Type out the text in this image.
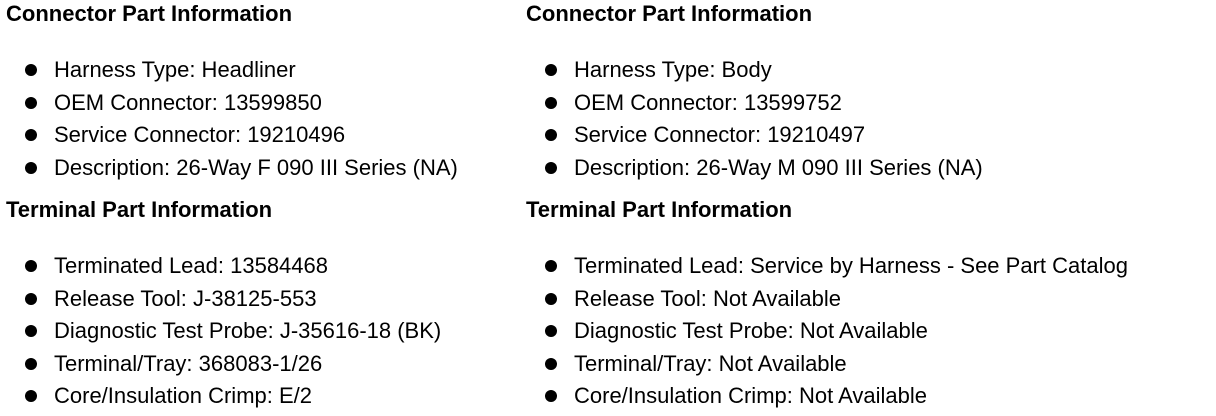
Connector Part Information
Harness Type: Headliner
OEM Connector: 13599850
Service Connector: 19210496
Description: 26-Way F 090 III Series (NA)
Terminal Part Information
Terminated Lead: 13584468
Release Tool: J-38125-553
Diagnostic Test Probe: J-35616-18 (BK)
Terminal/Tray: 368083-1/26
Core/Insulation Crimp: E/2
Connector Part Information
Harness Type: Body
OEM Connector: 13599752
Service Connector: 19210497
Description: 26-Way M 090 III Series (NA)
Terminal Part Information
Terminated Lead: Service by Harness - See Part Catalog
Release Tool: Not Available
Diagnostic Test Probe: Not Available
Terminal/Tray: Not Available
Core/Insulation Crimp: Not Available
